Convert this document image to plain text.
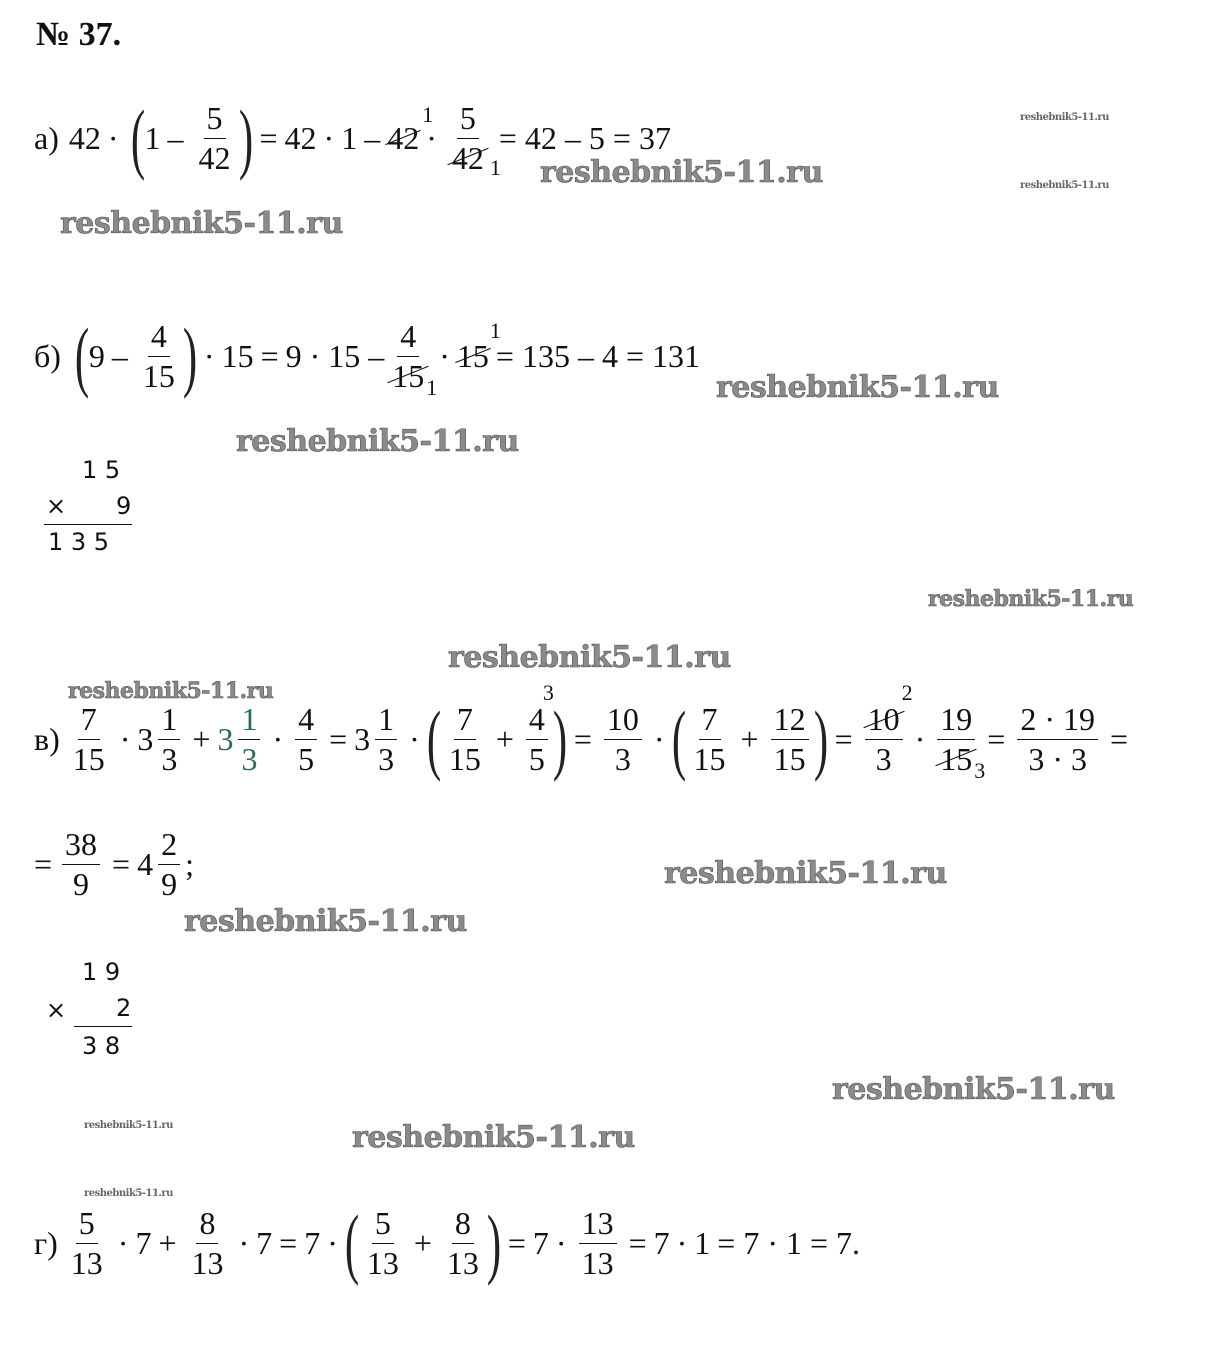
№ 37.
reshebnik5-11.ru
reshebnik5-11.ru
reshebnik5-11.ru
reshebnik5-11.ru
reshebnik5-11.ru
reshebnik5-11.ru
reshebnik5-11.ru
reshebnik5-11.ru
reshebnik5-11.ru
reshebnik5-11.ru
reshebnik5-11.ru
reshebnik5-11.ru
reshebnik5-11.ru	reshebnik5-11.ru
reshebnik5-11.ru
а) 42 · ( $1 - \frac{5}{42}$ ) = 42 · 1 – 42
1
·
5
42 1
= 42 – 5 = 37
б) ( $9 - \frac{4}{15}$ ) · 15 = 9 · 15 –
4
15 1
· 15
1
= 135 – 4 = 131
1 5
× 9
1 3 5
$в) \frac{7}{15} \cdot 3 \frac{1}{3} + 3 \frac{1}{3} \cdot \frac{4}{5} = 3 \frac{1}{3}$ · ( $\frac{7}{15}$ +
4
5
3
) = $\frac{10}{3}$ · ( $\frac{7}{15} + \frac{12}{15}$ ) =
10
3
2
·
19
15 3
= $\frac{2 \cdot 19}{3 \cdot 3}$ =
= $\frac{38}{9} = 4 \frac{2}{9}$ ;
1 9
× 2
3 8
$г) \frac{5}{13} \cdot 7 + \frac{8}{13} \cdot 7 = 7$ · ( $\frac{5}{13} + \frac{8}{13}$ ) = $7 \cdot \frac{13}{13} = 7 \cdot 1 = 7 \cdot 1 = 7$.
